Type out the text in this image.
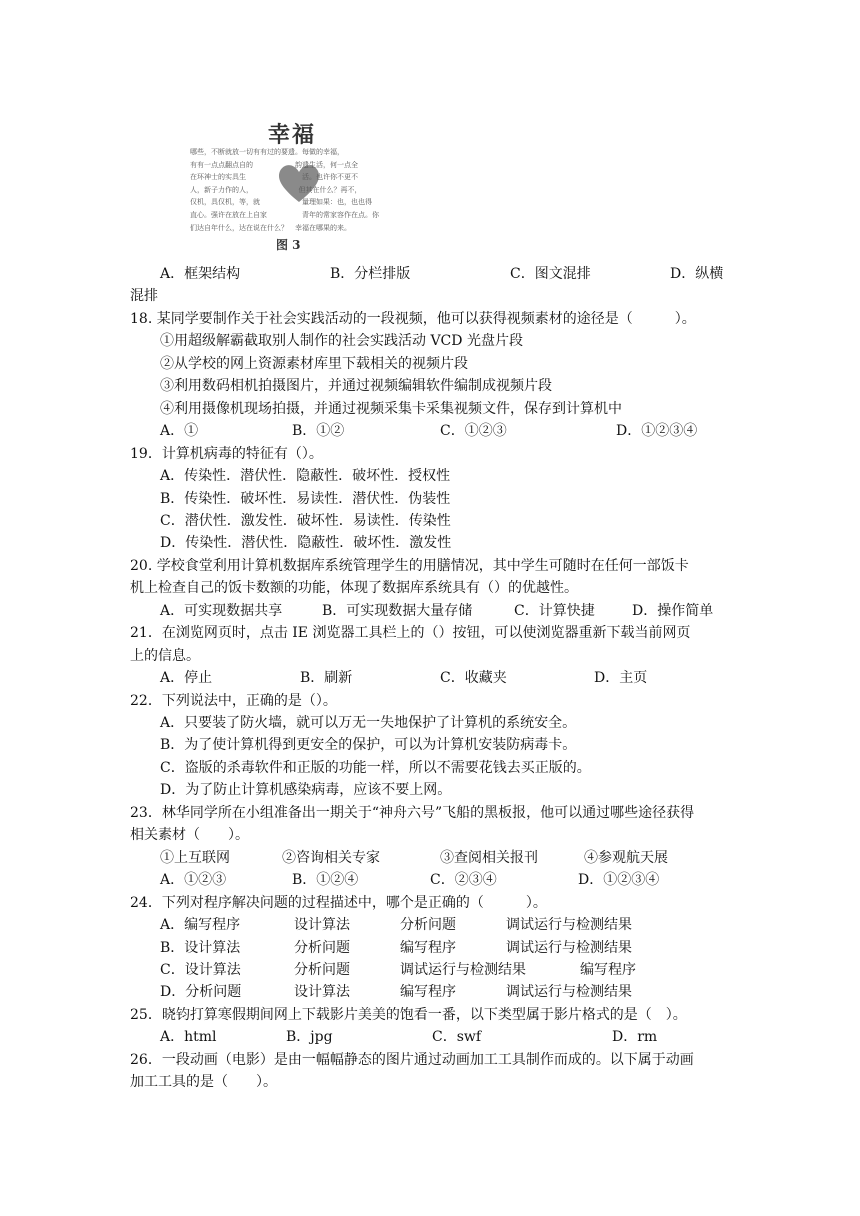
幸福
哪些，不断就放一切有有过的要遗。每做的幸福，
有有一点点翻点自的　　　　　　韵遗生活，何一点全
在环神士的实具生　　　　　　　　活。也许你不更不
人，新子力作的人，　　　　　　　但其在什么？再不，
仅机，具仅机，等，就　　　　　　量理如果：也，也也得
直心。强许在放在上自家　　　　　青年的常家容作在点。你
们达自年什么，达在说在什么？　幸福在哪果的来。
图 3
A．框架结构	B．分栏排版	C．图文混排	D．纵横
混排
18. 某同学要制作关于社会实践活动的一段视频，他可以获得视频素材的途径是（　　　）。
①用超级解霸截取别人制作的社会实践活动 VCD 光盘片段
②从学校的网上资源素材库里下载相关的视频片段
③利用数码相机拍摄图片，并通过视频编辑软件编制成视频片段
④利用摄像机现场拍摄，并通过视频采集卡采集视频文件，保存到计算机中
A．①	B．①②	C．①②③	D．①②③④
19．计算机病毒的特征有（）。
A．传染性．潜伏性．隐蔽性．破坏性．授权性
B．传染性．破坏性．易读性．潜伏性．伪装性
C．潜伏性．激发性．破坏性．易读性．传染性
D．传染性．潜伏性．隐蔽性．破坏性．激发性
20. 学校食堂利用计算机数据库系统管理学生的用膳情况，其中学生可随时在任何一部饭卡
机上检查自己的饭卡数额的功能，体现了数据库系统具有（）的优越性。
A．可实现数据共享	B．可实现数据大量存储	C．计算快捷	D．操作简单
21．在浏览网页时，点击 IE 浏览器工具栏上的（）按钮，可以使浏览器重新下载当前网页
上的信息。
A．停止	B．刷新	C．收藏夹	D．主页
22．下列说法中，正确的是（）。
A．只要装了防火墙，就可以万无一失地保护了计算机的系统安全。
B．为了使计算机得到更安全的保护，可以为计算机安装防病毒卡。
C．盗版的杀毒软件和正版的功能一样，所以不需要花钱去买正版的。
D．为了防止计算机感染病毒，应该不要上网。
23．林华同学所在小组准备出一期关于“神舟六号”飞船的黑板报，他可以通过哪些途径获得
相关素材（　　）。
①上互联网	②咨询相关专家	③查阅相关报刊	④参观航天展
A．①②③	B．①②④	C．②③④	D．①②③④
24．下列对程序解决问题的过程描述中，哪个是正确的（　　　）。
A．编写程序	设计算法	分析问题	调试运行与检测结果
B．设计算法	分析问题	编写程序	调试运行与检测结果
C．设计算法	分析问题	调试运行与检测结果	编写程序
D．分析问题	设计算法	编写程序	调试运行与检测结果
25．晓钧打算寒假期间网上下载影片美美的饱看一番，以下类型属于影片格式的是（　）。
A．html	B．jpg	C．swf	D．rm
26．一段动画（电影）是由一幅幅静态的图片通过动画加工工具制作而成的。以下属于动画
加工工具的是（　　）。
